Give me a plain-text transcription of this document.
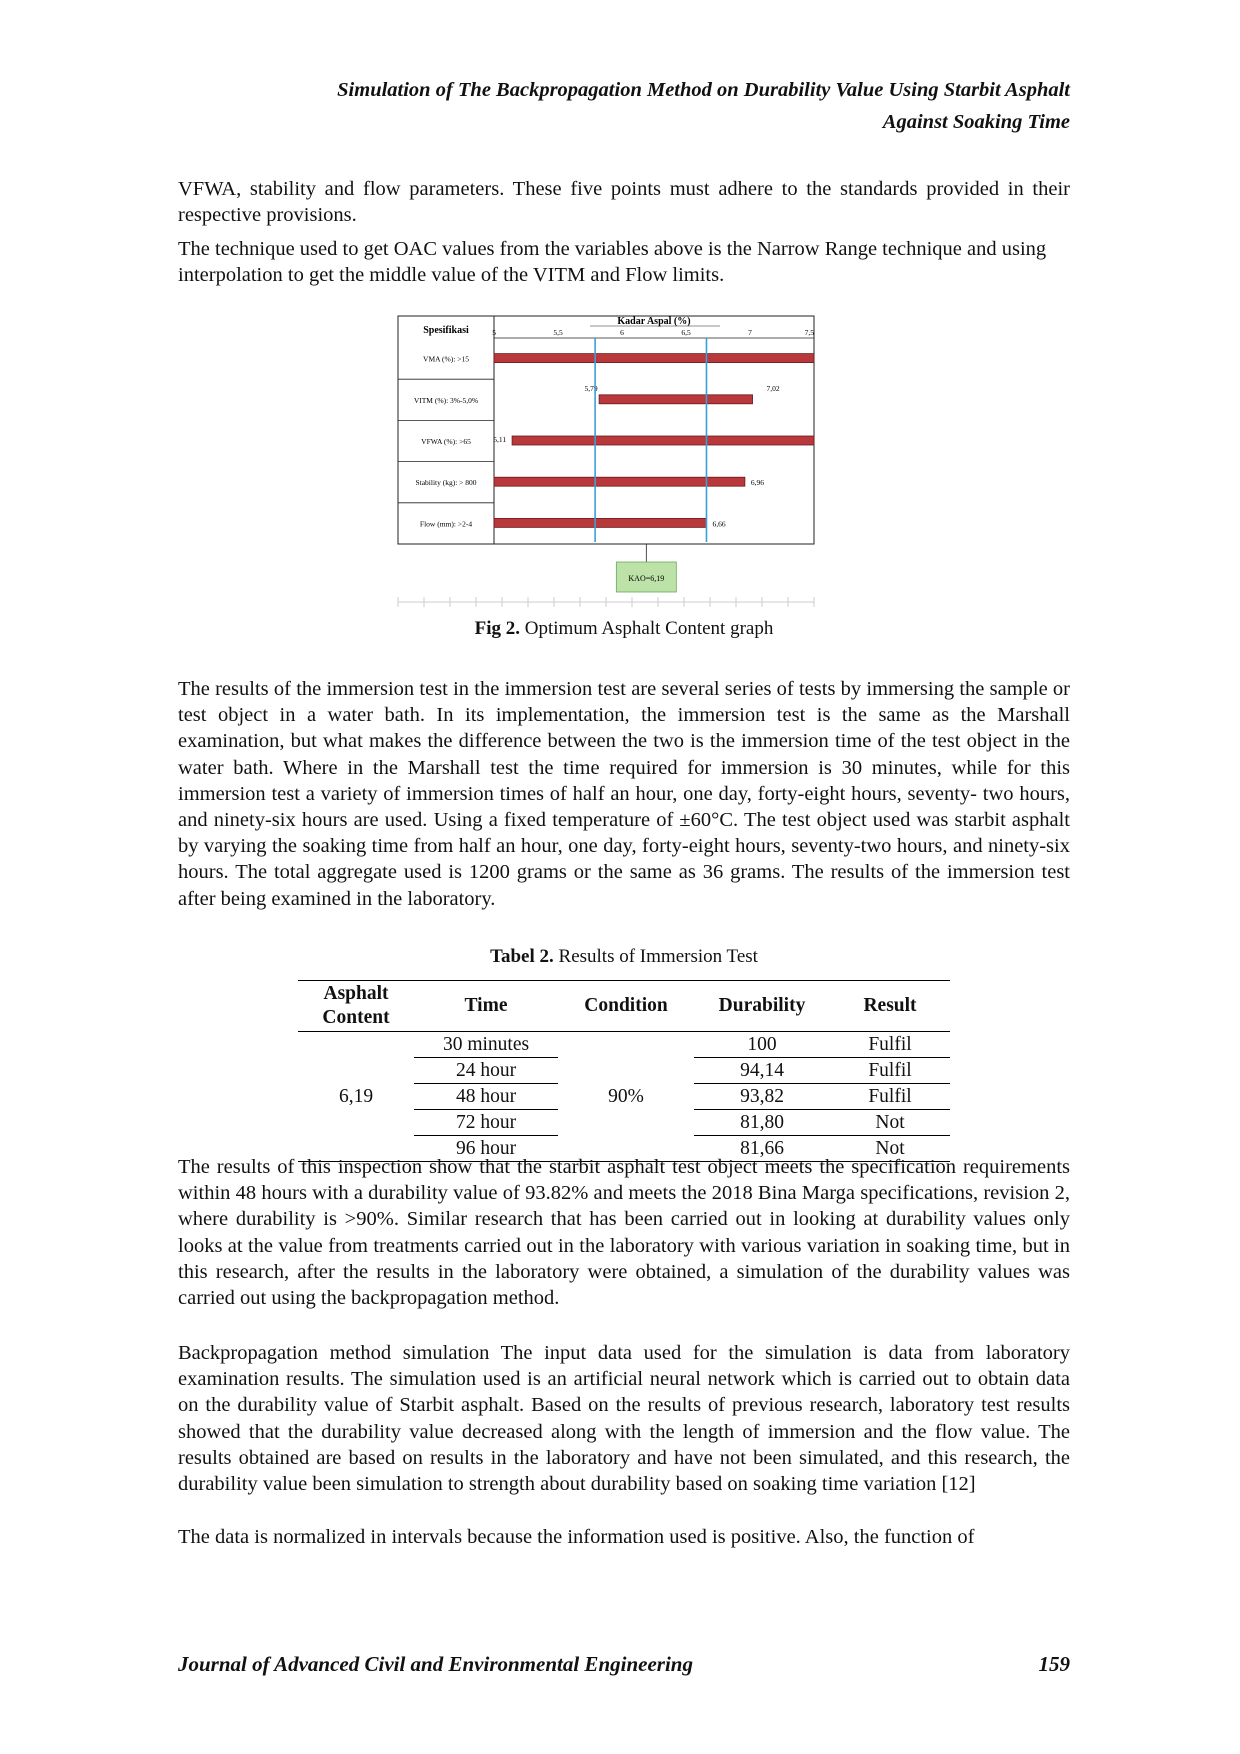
Simulation of The Backpropagation Method on Durability Value Using Starbit Asphalt
Against Soaking Time

VFWA, stability and flow parameters. These five points must adhere to the standards provided in their respective provisions.

The technique used to get OAC values from the variables above is the Narrow Range technique and using interpolation to get the middle value of the VITM and Flow limits.

Spesifikasi
Kadar Aspal (%)
5	5,5	6	6,5	7	7,5
VMA (%): >15
VITM (%): 3%-5,0%
VFWA (%): >65
Stability (kg): > 800
Flow (mm): >2-4
5,79	7,02
5,11
6,96
6,66
KAO=6,19
Fig 2. Optimum Asphalt Content graph

The results of the immersion test in the immersion test are several series of tests by immersing the sample or test object in a water bath. In its implementation, the immersion test is the same as the Marshall examination, but what makes the difference between the two is the immersion time of the test object in the water bath. Where in the Marshall test the time required for immersion is 30 minutes, while for this immersion test a variety of immersion times of half an hour, one day, forty-eight hours, seventy- two hours, and ninety-six hours are used. Using a fixed temperature of ±60°C. The test object used was starbit asphalt by varying the soaking time from half an hour, one day, forty-eight hours, seventy-two hours, and ninety-six hours. The total aggregate used is 1200 grams or the same as 36 grams. The results of the immersion test after being examined in the laboratory.

Tabel 2. Results of Immersion Test
Asphalt Content	Time	Condition	Durability	Result
6,19	30 minutes	90%	100	Fulfil
	24 hour		94,14	Fulfil
	48 hour		93,82	Fulfil
	72 hour		81,80	Not
	96 hour		81,66	Not

The results of this inspection show that the starbit asphalt test object meets the specification requirements within 48 hours with a durability value of 93.82% and meets the 2018 Bina Marga specifications, revision 2, where durability is >90%. Similar research that has been carried out in looking at durability values only looks at the value from treatments carried out in the laboratory with various variation in soaking time, but in this research, after the results in the laboratory were obtained, a simulation of the durability values was carried out using the backpropagation method.

Backpropagation method simulation The input data used for the simulation is data from laboratory examination results. The simulation used is an artificial neural network which is carried out to obtain data on the durability value of Starbit asphalt. Based on the results of previous research, laboratory test results showed that the durability value decreased along with the length of immersion and the flow value. The results obtained are based on results in the laboratory and have not been simulated, and this research, the durability value been simulation to strength about durability based on soaking time variation [12]

The data is normalized in intervals because the information used is positive. Also, the function of

Journal of Advanced Civil and Environmental Engineering	159
